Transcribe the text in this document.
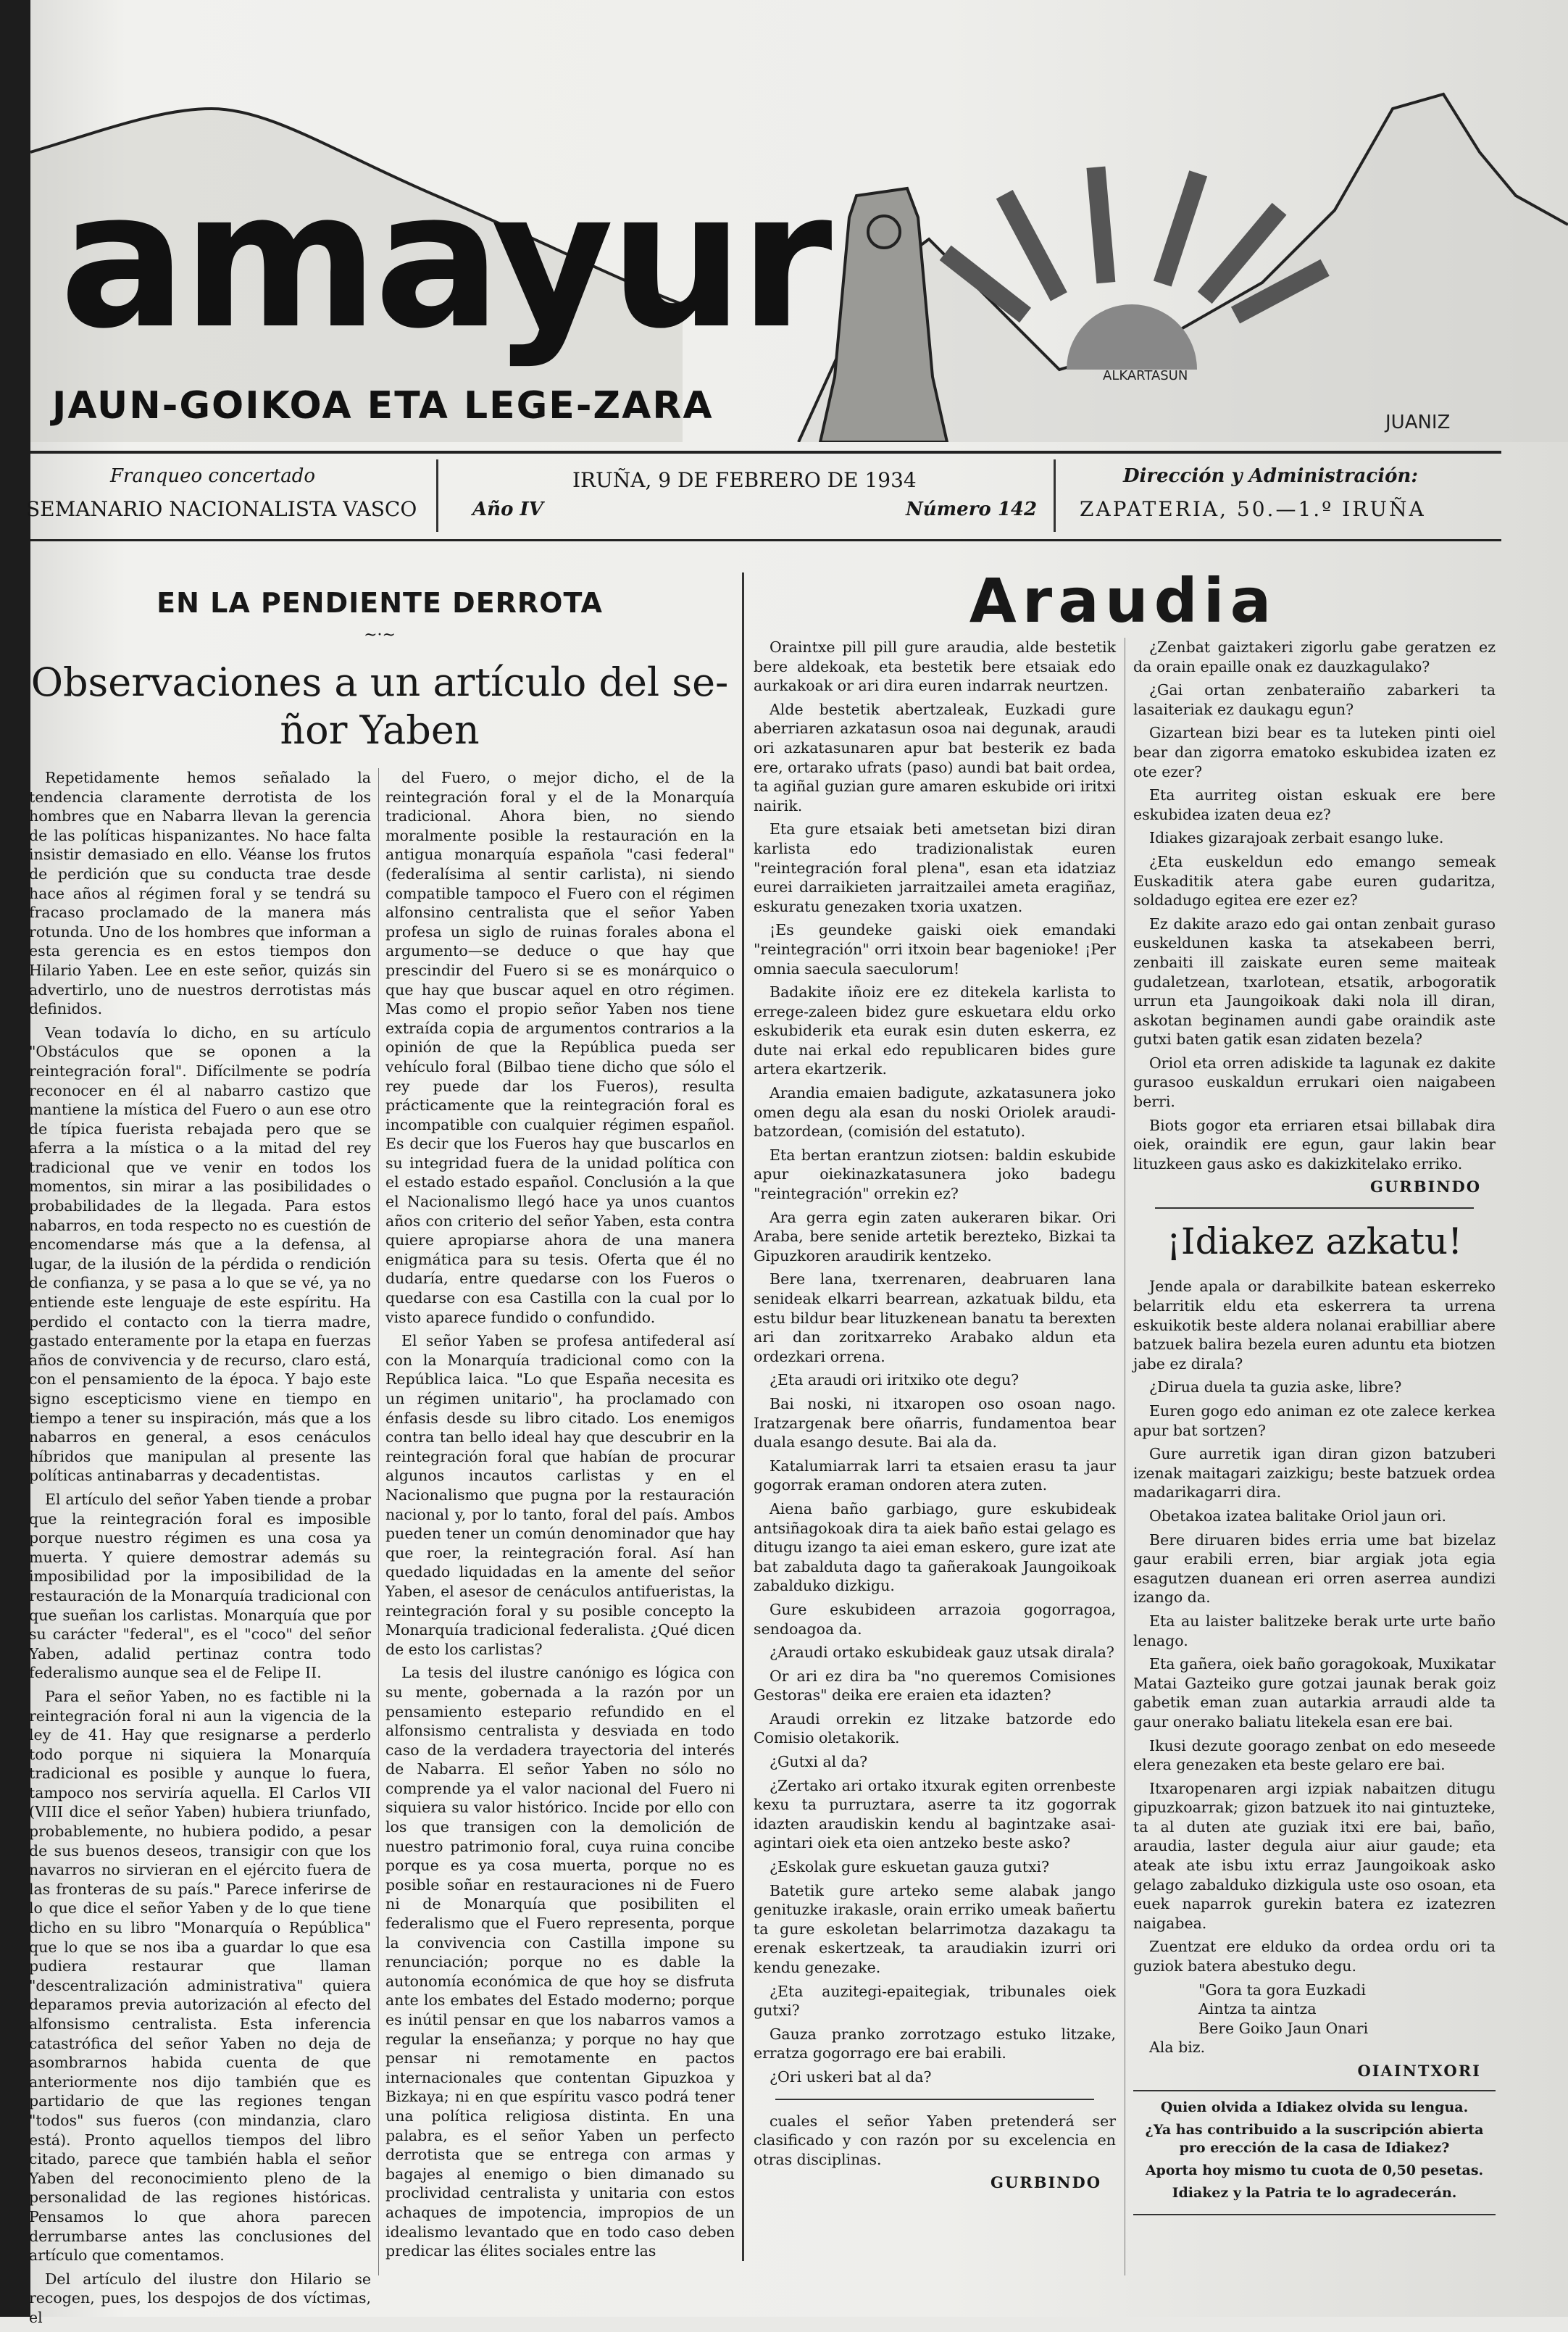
amayur
ALKARTASUN
JAUN-GOIKOA ETA LEGE-ZARA	JUANIZ
Franqueo concertado
SEMANARIO NACIONALISTA VASCO	Año IV
IRUÑA, 9 DE FEBRERO DE 1934
Número 142
Dirección y Administración:
ZAPATERIA, 50.—1.º IRUÑA
EN LA PENDIENTE DERROTA
~·~
Observaciones a un artículo del se-
ñor Yaben

Repetidamente hemos señalado la tendencia claramente derrotista de los hombres que en Nabarra llevan la gerencia de las políticas hispanizantes. No hace falta insistir demasiado en ello. Véanse los frutos de perdición que su conducta trae desde hace años al régimen foral y se tendrá su fracaso proclamado de la manera más rotunda. Uno de los hombres que informan a esta gerencia es en estos tiempos don Hilario Yaben. Lee en este señor, quizás sin advertirlo, uno de nuestros derrotistas más definidos.

Vean todavía lo dicho, en su artículo "Obstáculos que se oponen a la reintegración foral". Difícilmente se podría reconocer en él al nabarro castizo que mantiene la mística del Fuero o aun ese otro de típica fuerista rebajada pero que se aferra a la mística o a la mitad del rey tradicional que ve venir en todos los momentos, sin mirar a las posibilidades o probabilidades de la llegada. Para estos nabarros, en toda respecto no es cuestión de encomendarse más que a la defensa, al lugar, de la ilusión de la pérdida o rendición de confianza, y se pasa a lo que se vé, ya no entiende este lenguaje de este espíritu. Ha perdido el contacto con la tierra madre, gastado enteramente por la etapa en fuerzas años de convivencia y de recurso, claro está, con el pensamiento de la época. Y bajo este signo escepticismo viene en tiempo en tiempo a tener su inspiración, más que a los nabarros en general, a esos cenáculos híbridos que manipulan al presente las políticas antinabarras y decadentistas.

El artículo del señor Yaben tiende a probar que la reintegración foral es imposible porque nuestro régimen es una cosa ya muerta. Y quiere demostrar además su imposibilidad por la imposibilidad de la restauración de la Monarquía tradicional con que sueñan los carlistas. Monarquía que por su carácter "federal", es el "coco" del señor Yaben, adalid pertinaz contra todo federalismo aunque sea el de Felipe II.

Para el señor Yaben, no es factible ni la reintegración foral ni aun la vigencia de la ley de 41. Hay que resignarse a perderlo todo porque ni siquiera la Monarquía tradicional es posible y aunque lo fuera, tampoco nos serviría aquella. El Carlos VII (VIII dice el señor Yaben) hubiera triunfado, probablemente, no hubiera podido, a pesar de sus buenos deseos, transigir con que los navarros no sirvieran en el ejército fuera de las fronteras de su país." Parece inferirse de lo que dice el señor Yaben y de lo que tiene dicho en su libro "Monarquía o República" que lo que se nos iba a guardar lo que esa pudiera restaurar que llaman "descentralización administrativa" quiera deparamos previa autorización al efecto del alfonsismo centralista. Esta inferencia catastrófica del señor Yaben no deja de asombrarnos habida cuenta de que anteriormente nos dijo también que es partidario de que las regiones tengan "todos" sus fueros (con mindanzia, claro está). Pronto aquellos tiempos del libro citado, parece que también habla el señor Yaben del reconocimiento pleno de la personalidad de las regiones históricas. Pensamos lo que ahora parecen derrumbarse antes las conclusiones del artículo que comentamos.

Del artículo del ilustre don Hilario se recogen, pues, los despojos de dos víctimas, el

del Fuero, o mejor dicho, el de la reintegración foral y el de la Monarquía tradicional. Ahora bien, no siendo moralmente posible la restauración en la antigua monarquía española "casi federal" (federalísima al sentir carlista), ni siendo compatible tampoco el Fuero con el régimen alfonsino centralista que el señor Yaben profesa un siglo de ruinas forales abona el argumento—se deduce o que hay que prescindir del Fuero si se es monárquico o que hay que buscar aquel en otro régimen. Mas como el propio señor Yaben nos tiene extraída copia de argumentos contrarios a la opinión de que la República pueda ser vehículo foral (Bilbao tiene dicho que sólo el rey puede dar los Fueros), resulta prácticamente que la reintegración foral es incompatible con cualquier régimen español. Es decir que los Fueros hay que buscarlos en su integridad fuera de la unidad política con el estado estado español. Conclusión a la que el Nacionalismo llegó hace ya unos cuantos años con criterio del señor Yaben, esta contra quiere apropiarse ahora de una manera enigmática para su tesis. Oferta que él no dudaría, entre quedarse con los Fueros o quedarse con esa Castilla con la cual por lo visto aparece fundido o confundido.

El señor Yaben se profesa antifederal así con la Monarquía tradicional como con la República laica. "Lo que España necesita es un régimen unitario", ha proclamado con énfasis desde su libro citado. Los enemigos contra tan bello ideal hay que descubrir en la reintegración foral que habían de procurar algunos incautos carlistas y en el Nacionalismo que pugna por la restauración nacional y, por lo tanto, foral del país. Ambos pueden tener un común denominador que hay que roer, la reintegración foral. Así han quedado liquidadas en la amente del señor Yaben, el asesor de cenáculos antifueristas, la reintegración foral y su posible concepto la Monarquía tradicional federalista. ¿Qué dicen de esto los carlistas?

La tesis del ilustre canónigo es lógica con su mente, gobernada a la razón por un pensamiento estepario refundido en el alfonsismo centralista y desviada en todo caso de la verdadera trayectoria del interés de Nabarra. El señor Yaben no sólo no comprende ya el valor nacional del Fuero ni siquiera su valor histórico. Incide por ello con los que transigen con la demolición de nuestro patrimonio foral, cuya ruina concibe porque es ya cosa muerta, porque no es posible soñar en restauraciones ni de Fuero ni de Monarquía que posibiliten el federalismo que el Fuero representa, porque la convivencia con Castilla impone su renunciación; porque no es dable la autonomía económica de que hoy se disfruta ante los embates del Estado moderno; porque es inútil pensar en que los nabarros vamos a regular la enseñanza; y porque no hay que pensar ni remotamente en pactos internacionales que contentan Gipuzkoa y Bizkaya; ni en que espíritu vasco podrá tener una política religiosa distinta. En una palabra, es el señor Yaben un perfecto derrotista que se entrega con armas y bagajes al enemigo o bien dimanado su proclividad centralista y unitaria con estos achaques de impotencia, impropios de un idealismo levantado que en todo caso deben predicar las élites sociales entre las

Araudia

Oraintxe pill pill gure araudia, alde bestetik bere aldekoak, eta bestetik bere etsaiak edo aurkakoak or ari dira euren indarrak neurtzen.

Alde bestetik abertzaleak, Euzkadi gure aberriaren azkatasun osoa nai degunak, araudi ori azkatasunaren apur bat besterik ez bada ere, ortarako ufrats (paso) aundi bat bait ordea, ta agiñal guzian gure amaren eskubide ori iritxi nairik.

Eta gure etsaiak beti ametsetan bizi diran karlista edo tradizionalistak euren "reintegración foral plena", esan eta idatziaz eurei darraikieten jarraitzailei ameta eragiñaz, eskuratu genezaken txoria uxatzen.

¡Es geundeke gaiski oiek emandaki "reintegración" orri itxoin bear bagenioke! ¡Per omnia saecula saeculorum!

Badakite iñoiz ere ez ditekela karlista to errege-zaleen bidez gure eskuetara eldu orko eskubiderik eta eurak esin duten eskerra, ez dute nai erkal edo republicaren bides gure artera ekartzerik.

Arandia emaien badigute, azkatasunera joko omen degu ala esan du noski Oriolek araudi-batzordean, (comisión del estatuto).

Eta bertan erantzun ziotsen: baldin eskubide apur oiekinazkatasunera joko badegu "reintegración" orrekin ez?

Ara gerra egin zaten aukeraren bikar. Ori Araba, bere senide artetik berezteko, Bizkai ta Gipuzkoren araudirik kentzeko.

Bere lana, txerrenaren, deabruaren lana senideak elkarri bearrean, azkatuak bildu, eta estu bildur bear lituzkenean banatu ta berexten ari dan zoritxarreko Arabako aldun eta ordezkari orrena.

¿Eta araudi ori iritxiko ote degu?

Bai noski, ni itxaropen oso osoan nago. Iratzargenak bere oñarris, fundamentoa bear duala esango desute. Bai ala da.

Katalumiarrak larri ta etsaien erasu ta jaur gogorrak eraman ondoren atera zuten.

Aiena baño garbiago, gure eskubideak antsiñagokoak dira ta aiek baño estai gelago es ditugu izango ta aiei eman eskero, gure izat ate bat zabalduta dago ta gañerakoak Jaungoikoak zabalduko dizkigu.

Gure eskubideen arrazoia gogorragoa, sendoagoa da.

¿Araudi ortako eskubideak gauz utsak dirala?

Or ari ez dira ba "no queremos Comisiones Gestoras" deika ere eraien eta idazten?

Araudi orrekin ez litzake batzorde edo Comisio oletakorik.

¿Gutxi al da?

¿Zertako ari ortako itxurak egiten orrenbeste kexu ta purruztara, aserre ta itz gogorrak idazten araudiskin kendu al bagintzake asai-agintari oiek eta oien antzeko beste asko?

¿Eskolak gure eskuetan gauza gutxi?

Batetik gure arteko seme alabak jango genituzke irakasle, orain erriko umeak bañertu ta gure eskoletan belarrimotza dazakagu ta erenak eskertzeak, ta araudiakin izurri ori kendu genezake.

¿Eta auzitegi-epaitegiak, tribunales oiek gutxi?

Gauza pranko zorrotzago estuko litzake, erratza gogorrago ere bai erabili.

¿Ori uskeri bat al da?

cuales el señor Yaben pretenderá ser clasificado y con razón por su excelencia en otras disciplinas.

GURBINDO

¿Zenbat gaiztakeri zigorlu gabe geratzen ez da orain epaille onak ez dauzkagulako?

¿Gai ortan zenbateraiño zabarkeri ta lasaiteriak ez daukagu egun?

Gizartean bizi bear es ta luteken pinti oiel bear dan zigorra ematoko eskubidea izaten ez ote ezer?

Eta aurriteg oistan eskuak ere bere eskubidea izaten deua ez?

Idiakes gizarajoak zerbait esango luke.

¿Eta euskeldun edo emango semeak Euskaditik atera gabe euren gudaritza, soldadugo egitea ere ezer ez?

Ez dakite arazo edo gai ontan zenbait guraso euskeldunen kaska ta atsekabeen berri, zenbaiti ill zaiskate euren seme maiteak gudaletzean, txarlotean, etsatik, arbogoratik urrun eta Jaungoikoak daki nola ill diran, askotan beginamen aundi gabe oraindik aste gutxi baten gatik esan zidaten bezela?

Oriol eta orren adiskide ta lagunak ez dakite gurasoo euskaldun errukari oien naigabeen berri.

Biots gogor eta erriaren etsai billabak dira oiek, oraindik ere egun, gaur lakin bear lituzkeen gaus asko es dakizkitelako erriko.

GURBINDO
¡Idiakez azkatu!

Jende apala or darabilkite batean eskerreko belarritik eldu eta eskerrera ta urrena eskuikotik beste aldera nolanai erabilliar abere batzuek balira bezela euren aduntu eta biotzen jabe ez dirala?

¿Dirua duela ta guzia aske, libre?

Euren gogo edo animan ez ote zalece kerkea apur bat sortzen?

Gure aurretik igan diran gizon batzuberi izenak maitagari zaizkigu; beste batzuek ordea madarikagarri dira.

Obetakoa izatea balitake Oriol jaun ori.

Bere diruaren bides erria ume bat bizelaz gaur erabili erren, biar argiak jota egia esagutzen duanean eri orren aserrea aundizi izango da.

Eta au laister balitzeke berak urte urte baño lenago.

Eta gañera, oiek baño goragokoak, Muxikatar Matai Gazteiko gure gotzai jaunak berak goiz gabetik eman zuan autarkia arraudi alde ta gaur onerako baliatu litekela esan ere bai.

Ikusi dezute goorago zenbat on edo meseede elera genezaken eta beste gelaro ere bai.

Itxaropenaren argi izpiak nabaitzen ditugu gipuzkoarrak; gizon batzuek ito nai gintuzteke, ta al duten ate guziak itxi ere bai, baño, araudia, laster degula aiur aiur gaude; eta ateak ate isbu ixtu erraz Jaungoikoak asko gelago zabalduko dizkigula uste oso osoan, eta euek naparrok gurekin batera ez izatezren naigabea.

Zuentzat ere elduko da ordea ordu ori ta guziok batera abestuko degu.

"Gora ta gora Euzkadi

Aintza ta aintza

Bere Goiko Jaun Onari

Ala biz.

OIAINTXORI

Quien olvida a Idiakez olvida su lengua.

¿Ya has contribuido a la suscripción abierta pro erección de la casa de Idiakez?

Aporta hoy mismo tu cuota de 0,50 pesetas.

Idiakez y la Patria te lo agradecerán.
